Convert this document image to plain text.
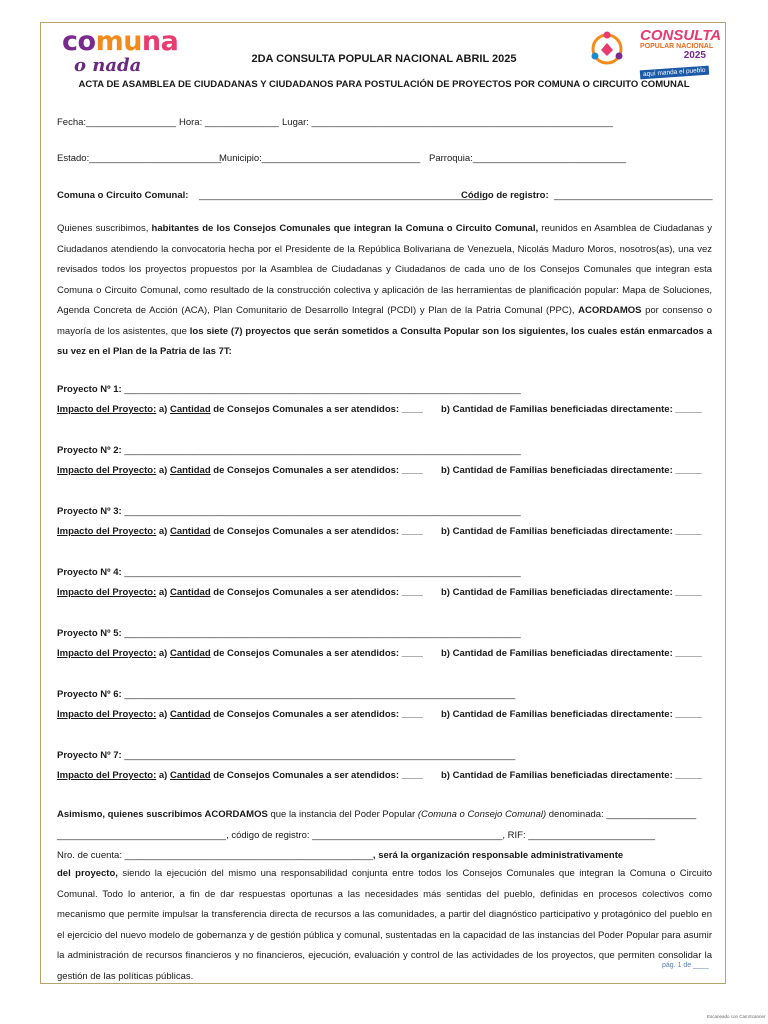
comuna
o nada
CONSULTA
POPULAR NACIONAL
2025
aquí manda el pueblo
2DA CONSULTA POPULAR NACIONAL ABRIL 2025
ACTA DE ASAMBLEA DE CIUDADANAS Y CIUDADANOS PARA POSTULACIÓN DE PROYECTOS POR COMUNA O CIRCUITO COMUNAL
Fecha:_________________ Hora: ______________ Lugar: _________________________________________________________
Estado:_________________________
Municipio:______________________________ Parroquia:_____________________________
Comuna o Circuito Comunal: ______________________________________________________
Código de registro: ______________________________
Quienes suscribimos, habitantes de los Consejos Comunales que integran la Comuna o Circuito Comunal, reunidos en Asamblea de Ciudadanas y Ciudadanos atendiendo la convocatoria hecha por el Presidente de la República Bolivariana de Venezuela, Nicolás Maduro Moros, nosotros(as), una vez revisados todos los proyectos propuestos por la Asamblea de Ciudadanas y Ciudadanos de cada uno de los Consejos Comunales que integran esta Comuna o Circuito Comunal, como resultado de la construcción colectiva y aplicación de las herramientas de planificación popular: Mapa de Soluciones, Agenda Concreta de Acción (ACA), Plan Comunitario de Desarrollo Integral (PCDI) y Plan de la Patria Comunal (PPC), ACORDAMOS por consenso o mayoría de los asistentes, que los siete (7) proyectos que serán sometidos a Consulta Popular son los siguientes, los cuales están enmarcados a su vez en el Plan de la Patria de las 7T:
Proyecto Nº 1: ___________________________________________________________________________
Impacto del Proyecto: a) Cantidad de Consejos Comunales a ser atendidos: ____ b) Cantidad de Familias beneficiadas directamente: _____
Proyecto Nº 2: ___________________________________________________________________________
Impacto del Proyecto: a) Cantidad de Consejos Comunales a ser atendidos: ____ b) Cantidad de Familias beneficiadas directamente: _____
Proyecto Nº 3: ___________________________________________________________________________
Impacto del Proyecto: a) Cantidad de Consejos Comunales a ser atendidos: ____ b) Cantidad de Familias beneficiadas directamente: _____
Proyecto Nº 4: ___________________________________________________________________________
Impacto del Proyecto: a) Cantidad de Consejos Comunales a ser atendidos: ____ b) Cantidad de Familias beneficiadas directamente: _____
Proyecto Nº 5: ___________________________________________________________________________
Impacto del Proyecto: a) Cantidad de Consejos Comunales a ser atendidos: ____ b) Cantidad de Familias beneficiadas directamente: _____
Proyecto Nº 6: __________________________________________________________________________
Impacto del Proyecto: a) Cantidad de Consejos Comunales a ser atendidos: ____ b) Cantidad de Familias beneficiadas directamente: _____
Proyecto Nº 7: __________________________________________________________________________
Impacto del Proyecto: a) Cantidad de Consejos Comunales a ser atendidos: ____ b) Cantidad de Familias beneficiadas directamente: _____
Asimismo, quienes suscribimos ACORDAMOS que la instancia del Poder Popular (Comuna o Consejo Comunal) denominada: _________________
________________________________, código de registro: ____________________________________, RIF: ________________________
Nro. de cuenta: _______________________________________________, será la organización responsable administrativamente
del proyecto, siendo la ejecución del mismo una responsabilidad conjunta entre todos los Consejos Comunales que integran la Comuna o Circuito Comunal. Todo lo anterior, a fin de dar respuestas oportunas a las necesidades más sentidas del pueblo, definidas en procesos colectivos como mecanismo que permite impulsar la transferencia directa de recursos a las comunidades, a partir del diagnóstico participativo y protagónico del pueblo en el ejercicio del nuevo modelo de gobernanza y de gestión pública y comunal, sustentadas en la capacidad de las instancias del Poder Popular para asumir la administración de recursos financieros y no financieros, ejecución, evaluación y control de las actividades de los proyectos, que permiten consolidar la gestión de las políticas públicas.
pág. 1 de ____
Escaneado con CamScanner
